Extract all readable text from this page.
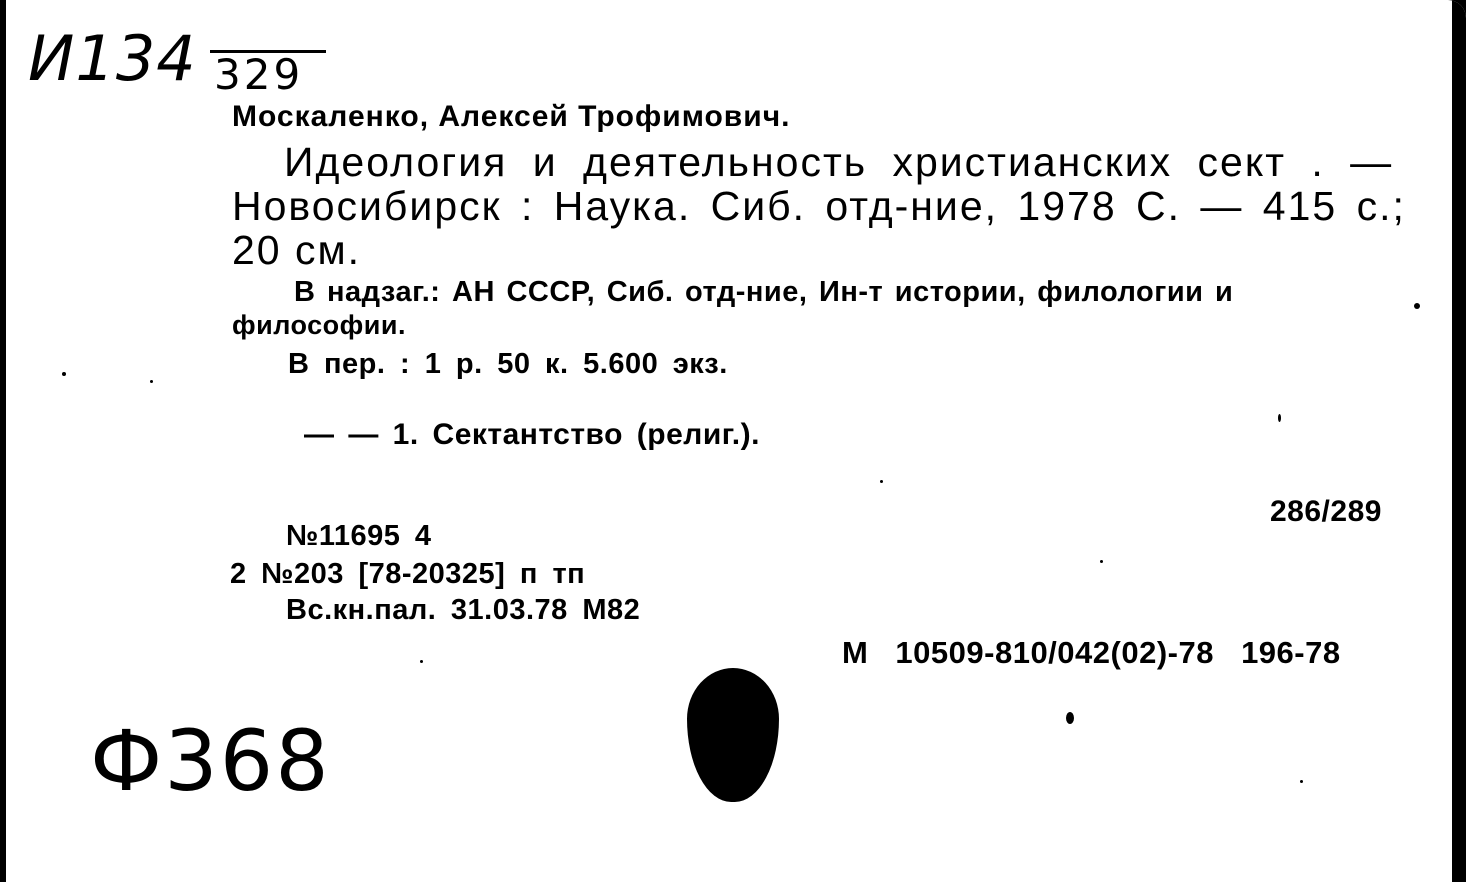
И134 329
Москаленко, Алексей Трофимович.
Идеология и деятельность христианских сект . —
Новосибирск : Наука. Сиб. отд-ние, 1978 С. — 415 с.;
20 см.
В надзаг.: АН СССР, Сиб. отд-ние, Ин-т истории, филологии и
философии.
В пер. : 1 р. 50 к. 5.600 экз.
— — 1. Сектантство (религ.).
286/289
№11695 4
2 №203 [78-20325] п тп
Вс.кн.пал. 31.03.78 М82
М 10509-810/042(02)-78 196-78
Ф368
